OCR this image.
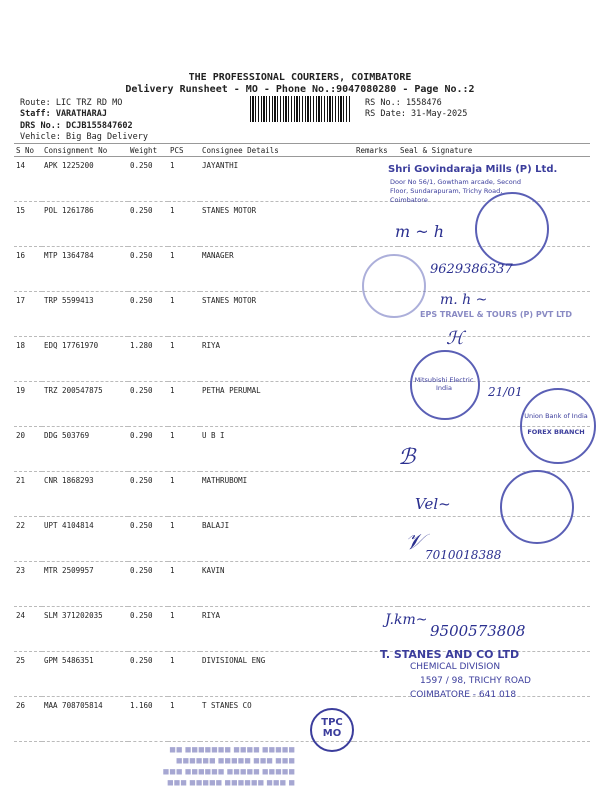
THE PROFESSIONAL COURIERS, COIMBATORE
Delivery Runsheet - MO - Phone No.:9047080280 - Page No.:2
Route: LIC TRZ RD MO
Staff: VARATHARAJ
DRS No.: DCJB155847602
Vehicle: Big Bag Delivery
RS No.: 1558476
RS Date: 31-May-2025
S No	Consignment No	Weight	PCS	Consignee Details	Remarks	Seal & Signature
14	APK 1225200	0.250	1	JAYANTHI		
15	POL 1261786	0.250	1	STANES MOTOR		
16	MTP 1364784	0.250	1	MANAGER		
17	TRP 5599413	0.250	1	STANES MOTOR		
18	EDQ 17761970	1.280	1	RIYA		
19	TRZ 200547875	0.250	1	PETHA PERUMAL		
20	DDG 503769	0.290	1	U B I		
21	CNR 1868293	0.250	1	MATHRUBOMI		
22	UPT 4104814	0.250	1	BALAJI		
23	MTR 2509957	0.250	1	KAVIN		
24	SLM 371202035	0.250	1	RIYA		
25	GPM 5486351	0.250	1	DIVISIONAL ENG		
26	MAA 708705814	1.160	1	T STANES CO		
Shri Govindaraja Mills (P) Ltd.
Door No 56/1, Gowtham arcade, Second Floor, Sundarapuram, Trichy Road, Coimbatore
m ~ h
9629386337
m. h ~
EPS TRAVEL & TOURS (P) PVT LTD
ℋ
Mitsubishi Electric India	21/01
Union Bank of India
FOREX BRANCH
ℬ
Vel~
𝒱 7010018388
J.km~
9500573808
T. STANES AND CO LTD
CHEMICAL DIVISION
1597 / 98, TRICHY ROAD
COIMBATORE - 641 018
TPC
MO
■ ■■■ ■■■■■■ ■■■■■ ■■■
■■■■■ ■■■■■ ■■■■■■ ■■■
■■■ ■■■ ■■■■■ ■■■■■■
■■■■■ ■■■■ ■■■■■■■ ■■
